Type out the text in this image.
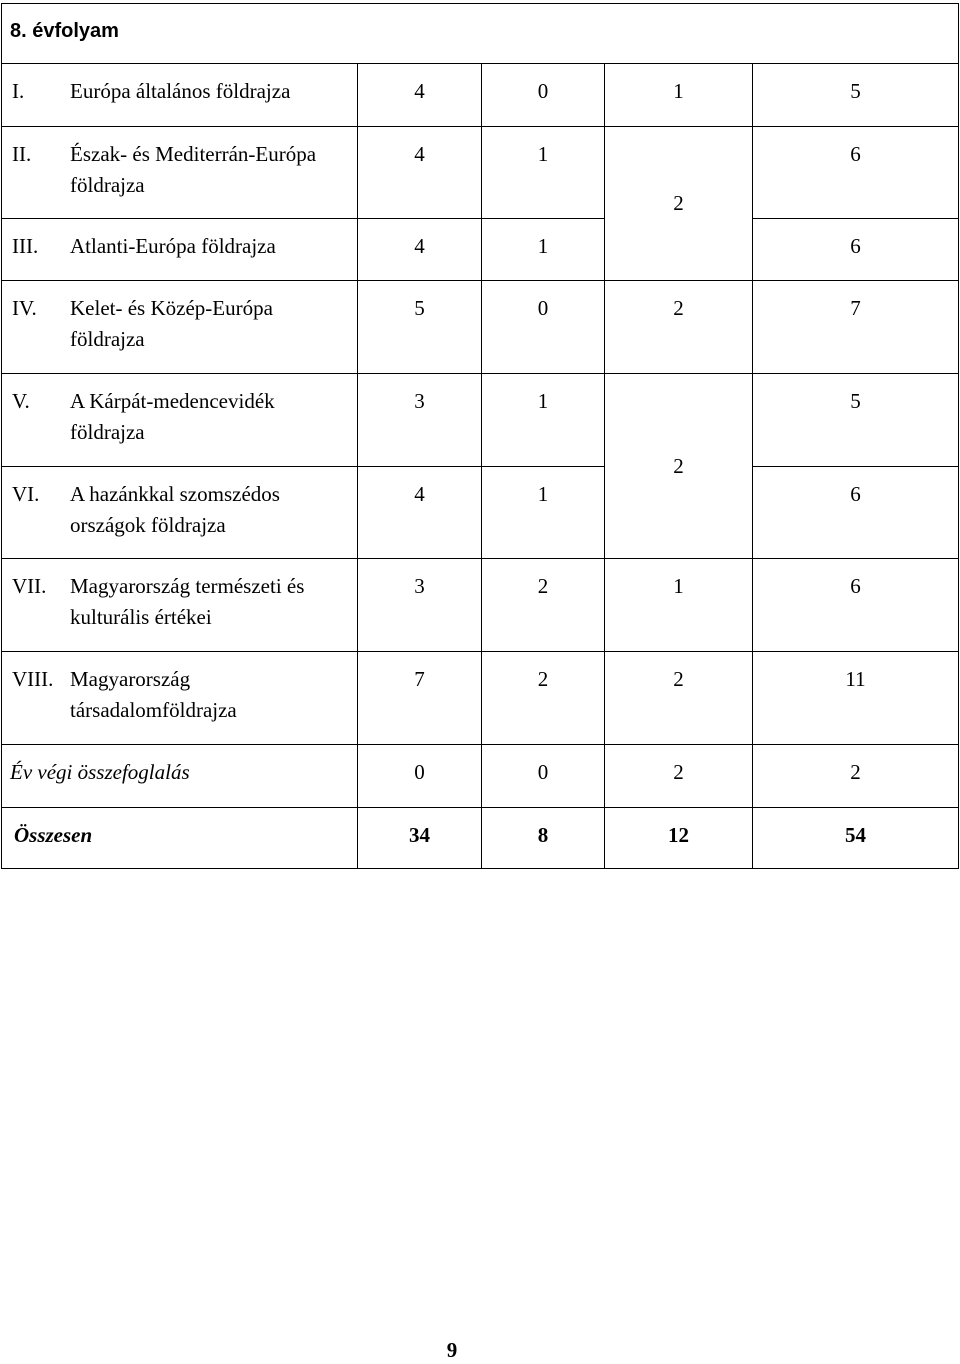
8. évfolyam				

I. Európa általános földrajza	4	0	1	5

II. Észak- és Mediterrán-Európa földrajza	4	1	2	6

III. Atlanti-Európa földrajza	4	1		6

IV. Kelet- és Közép-Európa földrajza	5	0	2	7

V. A Kárpát-medencevidék földrajza	3	1	2	5

VI. A hazánkkal szomszédos országok földrajza	4	1		6

VII. Magyarország természeti és kulturális értékei	3	2	1	6

VIII. Magyarország társadalomföldrajza	7	2	2	11
Év végi összefoglalás	0	0	2	2
Összesen	34	8	12	54
9
